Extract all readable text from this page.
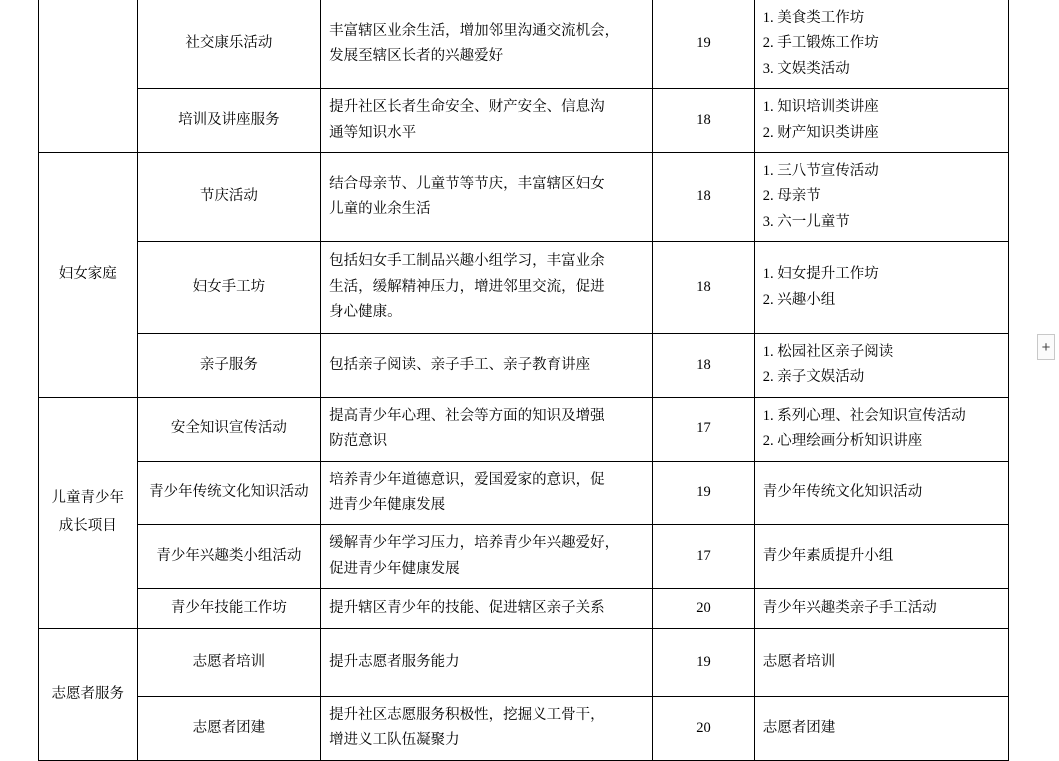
	社交康乐活动	丰富辖区业余生活，增加邻里沟通交流机会，
发展至辖区长者的兴趣爱好	19	1. 美食类工作坊
2. 手工锻炼工作坊
3. 文娱类活动

	培训及讲座服务	提升社区长者生命安全、财产安全、信息沟
通等知识水平	18	1. 知识培训类讲座
2. 财产知识类讲座

妇女家庭	节庆活动	结合母亲节、儿童节等节庆，丰富辖区妇女
儿童的业余生活	18	1. 三八节宣传活动
2. 母亲节
3. 六一儿童节

	妇女手工坊	包括妇女手工制品兴趣小组学习，丰富业余
生活，缓解精神压力，增进邻里交流，促进
身心健康。	18	1. 妇女提升工作坊
2. 兴趣小组

	亲子服务	包括亲子阅读、亲子手工、亲子教育讲座	18	1. 松园社区亲子阅读
2. 亲子文娱活动

儿童青少年成长项目	安全知识宣传活动	提高青少年心理、社会等方面的知识及增强
防范意识	17	1. 系列心理、社会知识宣传活动
2. 心理绘画分析知识讲座

	青少年传统文化知识活动	培养青少年道德意识，爱国爱家的意识，促
进青少年健康发展	19	青少年传统文化知识活动

	青少年兴趣类小组活动	缓解青少年学习压力，培养青少年兴趣爱好，
促进青少年健康发展	17	青少年素质提升小组

	青少年技能工作坊	提升辖区青少年的技能、促进辖区亲子关系	20	青少年兴趣类亲子手工活动

志愿者服务	志愿者培训	提升志愿者服务能力	19	志愿者培训

	志愿者团建	提升社区志愿服务积极性，挖掘义工骨干，
增进义工队伍凝聚力	20	志愿者团建
+
